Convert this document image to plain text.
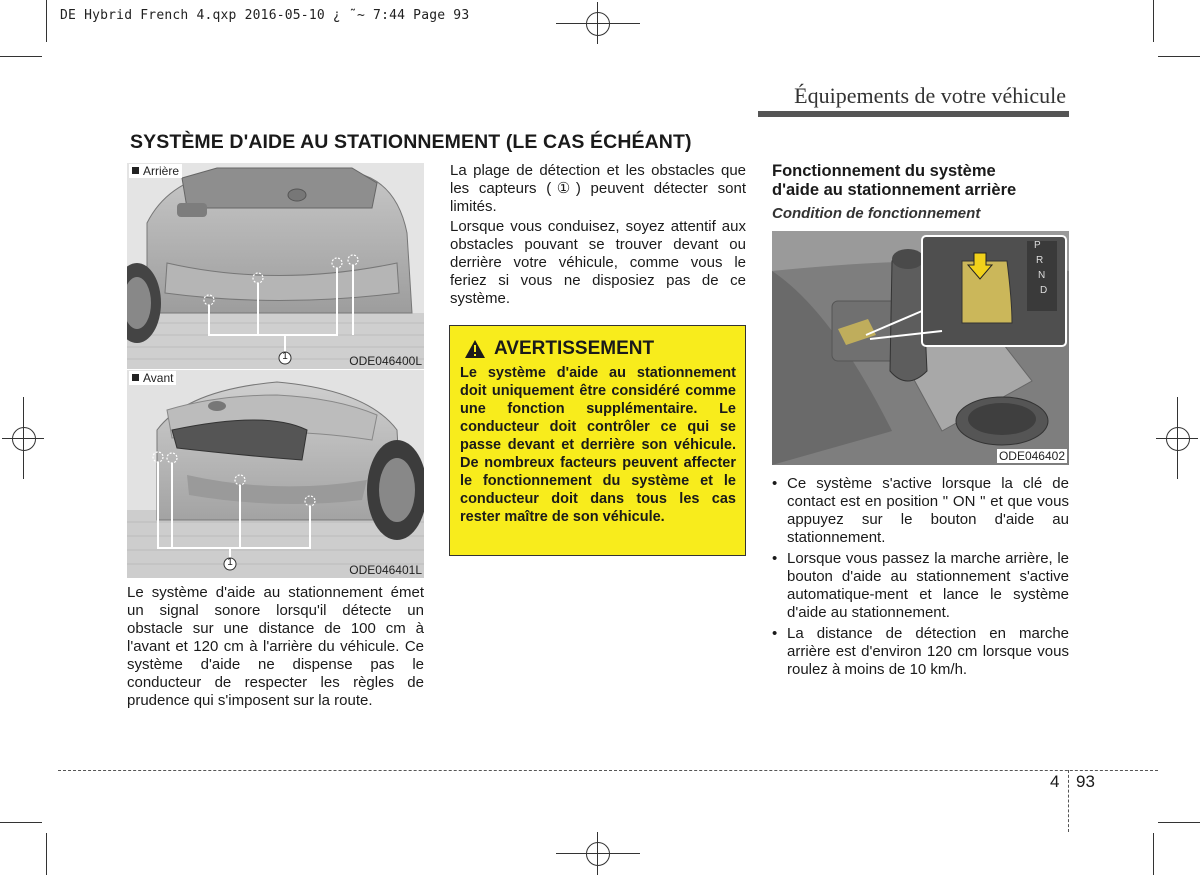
DE Hybrid French 4.qxp 2016-05-10 ¿ ˜~ 7:44 Page 93
Équipements de votre véhicule
SYSTÈME D'AIDE AU STATIONNEMENT (LE CAS ÉCHÉANT)
Arrière
1	ODE046400L
Avant
1
ODE046401L
Le système d'aide au stationnement émet un signal sonore lorsqu'il détecte un obstacle sur une distance de 100 cm à l'avant et 120 cm à l'arrière du véhicule. Ce système d'aide ne dispense pas le conducteur de respecter les règles de prudence qui s'imposent sur la route.
La plage de détection et les obstacles que les capteurs (①) peuvent détecter sont limités.
Lorsque vous conduisez, soyez attentif aux obstacles pouvant se trouver devant ou derrière votre véhicule, comme vous le feriez si vous ne disposiez pas de ce système.
AVERTISSEMENT
Le système d'aide au stationnement doit uniquement être considéré comme une fonction supplémentaire. Le conducteur doit contrôler ce qui se passe devant et derrière son véhicule. De nombreux facteurs peuvent affecter le fonctionnement du système et le conducteur doit dans tous les cas rester maître de son véhicule.
Fonctionnement du système
d'aide au stationnement arrière
Condition de fonctionnement
P
R
N
D
ODE046402
• Ce système s'active lorsque la clé de contact est en position " ON " et que vous appuyez sur le bouton d'aide au stationnement.
• Lorsque vous passez la marche arrière, le bouton d'aide au stationnement s'active automatique-ment et lance le système d'aide au stationnement.
• La distance de détection en marche arrière est d'environ 120 cm lorsque vous roulez à moins de 10 km/h.
4 93
